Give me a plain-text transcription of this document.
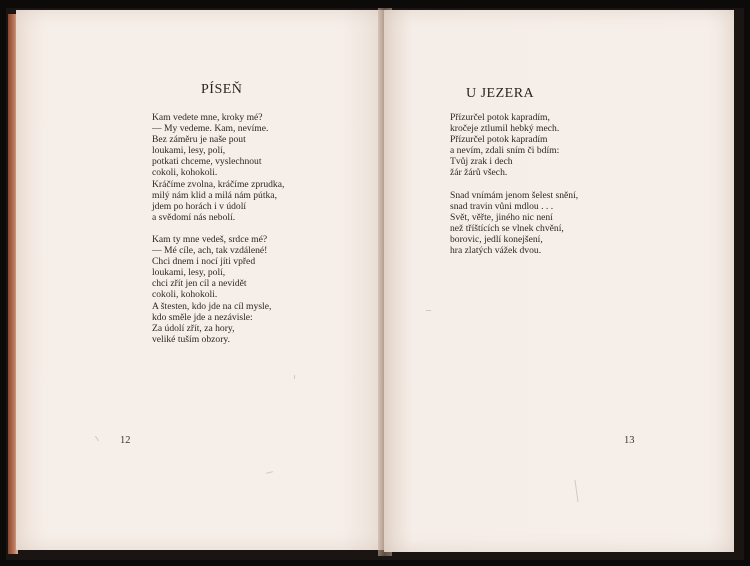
PÍSEŇ
Kam vedete mne, kroky mé?
— My vedeme. Kam, nevíme.
Bez záměru je naše pout
loukami, lesy, polí,
potkati chceme, vyslechnout
cokoli, kohokoli.
Kráčíme zvolna, kráčíme zprudka,
milý nám klid a milá nám pútka,
jdem po horách i v údolí
a svědomí nás nebolí.
Kam ty mne vedeš, srdce mé?
— Mé cíle, ach, tak vzdálené!
Chci dnem i nocí jíti vpřed
loukami, lesy, polí,
chci zřít jen cíl a nevidět
cokoli, kohokoli.
A štesten, kdo jde na cíl mysle,
kdo směle jde a nezávisle:
Za údolí zřít, za hory,
veliké tuším obzory.
12
U JEZERA
Přízurčel potok kapradím,
kročeje ztlumil hebký mech.
Přízurčel potok kapradím
a nevím, zdali sním či bdím:
Tvůj zrak i dech
žár žárů všech.
Snad vnímám jenom šelest snění,
snad travin vůni mdlou . . .
Svět, věřte, jiného nic není
než tříštících se vlnek chvění,
borovic, jedlí konejšení,
hra zlatých vážek dvou.
13
